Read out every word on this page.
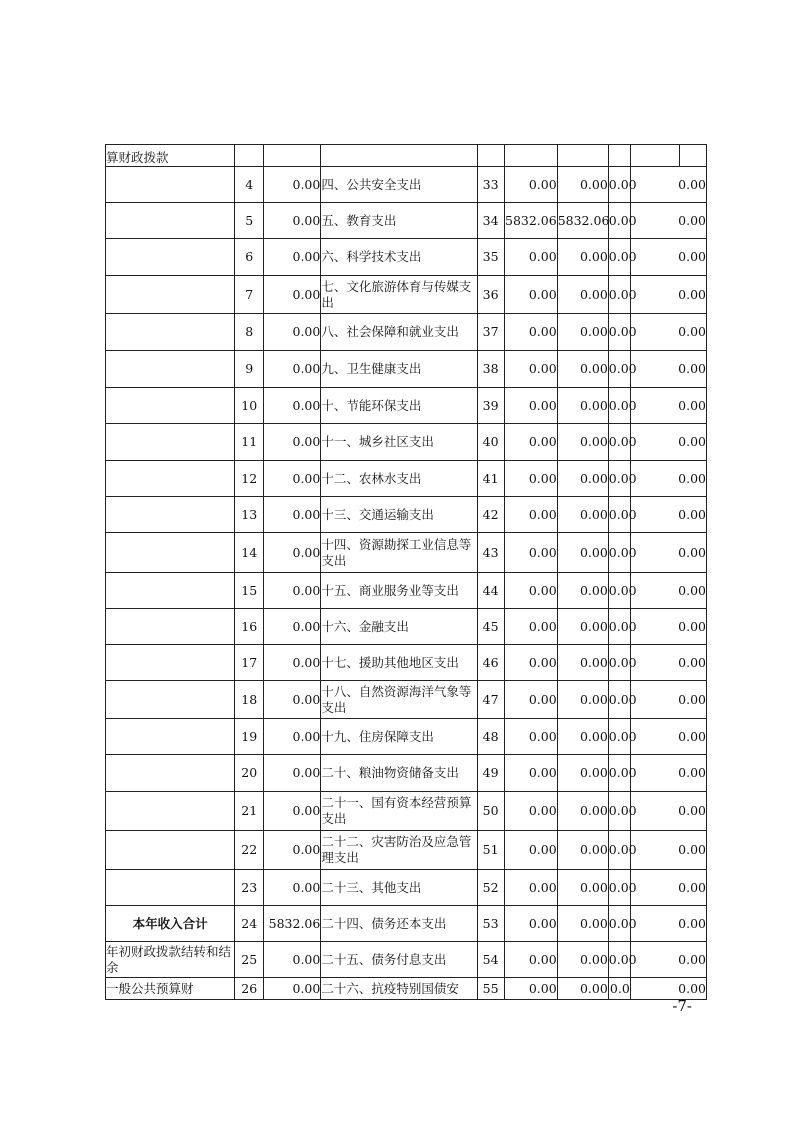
算财政拨款								

	4	0.00	四、公共安全支出	33	0.00	0.00	0.00	0.00
	5	0.00	五、教育支出	34	5832.06	5832.06	0.00	0.00
	6	0.00	六、科学技术支出	35	0.00	0.00	0.00	0.00
	7	0.00	七、文化旅游体育与传媒支出	36	0.00	0.00	0.00	0.00
	8	0.00	八、社会保障和就业支出	37	0.00	0.00	0.00	0.00
	9	0.00	九、卫生健康支出	38	0.00	0.00	0.00	0.00
	10	0.00	十、节能环保支出	39	0.00	0.00	0.00	0.00
	11	0.00	十一、城乡社区支出	40	0.00	0.00	0.00	0.00
	12	0.00	十二、农林水支出	41	0.00	0.00	0.00	0.00
	13	0.00	十三、交通运输支出	42	0.00	0.00	0.00	0.00
	14	0.00	十四、资源勘探工业信息等支出	43	0.00	0.00	0.00	0.00
	15	0.00	十五、商业服务业等支出	44	0.00	0.00	0.00	0.00
	16	0.00	十六、金融支出	45	0.00	0.00	0.00	0.00
	17	0.00	十七、援助其他地区支出	46	0.00	0.00	0.00	0.00
	18	0.00	十八、自然资源海洋气象等支出	47	0.00	0.00	0.00	0.00
	19	0.00	十九、住房保障支出	48	0.00	0.00	0.00	0.00
	20	0.00	二十、粮油物资储备支出	49	0.00	0.00	0.00	0.00
	21	0.00	二十一、国有资本经营预算支出	50	0.00	0.00	0.00	0.00
	22	0.00	二十二、灾害防治及应急管理支出	51	0.00	0.00	0.00	0.00
	23	0.00	二十三、其他支出	52	0.00	0.00	0.00	0.00
本年收入合计	24	5832.06	二十四、债务还本支出	53	0.00	0.00	0.00	0.00
年初财政拨款结转和结余	25	0.00	二十五、债务付息支出	54	0.00	0.00	0.00	0.00
一般公共预算财	26	0.00	二十六、抗疫特别国债安	55	0.00	0.00	0.0	0.00
-7-
